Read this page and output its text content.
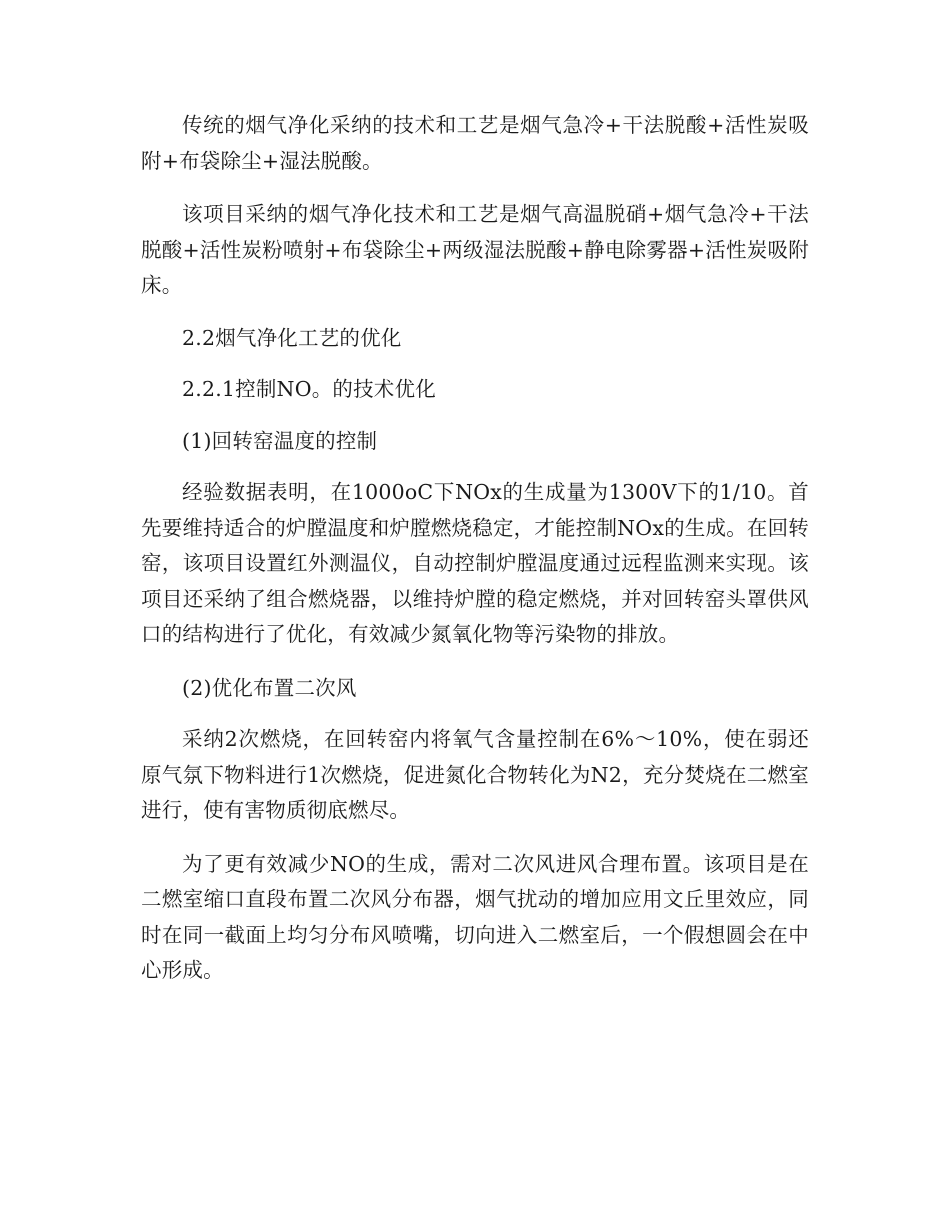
传统的烟气净化采纳的技术和工艺是烟气急冷+干法脱酸+活性炭吸附+布袋除尘+湿法脱酸。

该项目采纳的烟气净化技术和工艺是烟气高温脱硝+烟气急冷+干法脱酸+活性炭粉喷射+布袋除尘+两级湿法脱酸+静电除雾器+活性炭吸附床。

2.2烟气净化工艺的优化

2.2.1控制NO。的技术优化

(1)回转窑温度的控制

经验数据表明，在1000oC下NOx的生成量为1300V下的1/10。首先要维持适合的炉膛温度和炉膛燃烧稳定，才能控制NOx的生成。在回转窑，该项目设置红外测温仪，自动控制炉膛温度通过远程监测来实现。该项目还采纳了组合燃烧器，以维持炉膛的稳定燃烧，并对回转窑头罩供风口的结构进行了优化，有效减少氮氧化物等污染物的排放。

(2)优化布置二次风

采纳2次燃烧，在回转窑内将氧气含量控制在6%～10%，使在弱还原气氛下物料进行1次燃烧，促进氮化合物转化为N2，充分焚烧在二燃室进行，使有害物质彻底燃尽。

为了更有效减少NO的生成，需对二次风进风合理布置。该项目是在二燃室缩口直段布置二次风分布器，烟气扰动的增加应用文丘里效应，同时在同一截面上均匀分布风喷嘴，切向进入二燃室后，一个假想圆会在中心形成。
